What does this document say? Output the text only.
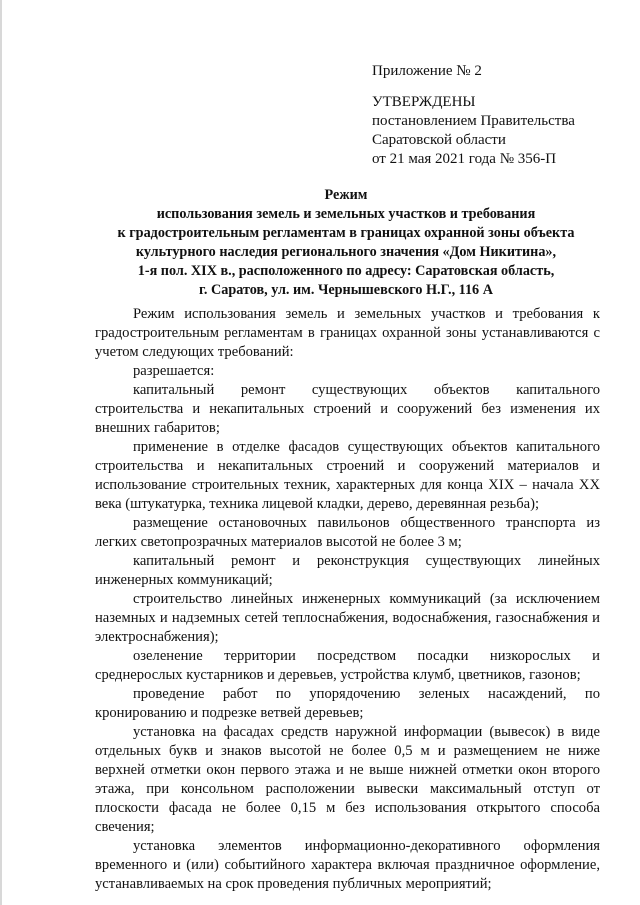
Приложение № 2
УТВЕРЖДЕНЫ
постановлением Правительства
Саратовской области
от 21 мая 2021 года № 356-П
Режим
использования земель и земельных участков и требования
к градостроительным регламентам в границах охранной зоны объекта
культурного наследия регионального значения «Дом Никитина»,
1-я пол. XIX в., расположенного по адресу: Саратовская область,
г. Саратов, ул. им. Чернышевского Н.Г., 116 А

Режим использования земель и земельных участков и требования к градостроительным регламентам в границах охранной зоны устанавливаются с учетом следующих требований:

разрешается:

капитальный ремонт существующих объектов капитального строительства и некапитальных строений и сооружений без изменения их внешних габаритов;

применение в отделке фасадов существующих объектов капитального строительства и некапитальных строений и сооружений материалов и использование строительных техник, характерных для конца XIX – начала XX века (штукатурка, техника лицевой кладки, дерево, деревянная резьба);

размещение остановочных павильонов общественного транспорта из легких светопрозрачных материалов высотой не более 3 м;

капитальный ремонт и реконструкция существующих линейных инженерных коммуникаций;

строительство линейных инженерных коммуникаций (за исключением наземных и надземных сетей теплоснабжения, водоснабжения, газоснабжения и электроснабжения);

озеленение территории посредством посадки низкорослых и среднерослых кустарников и деревьев, устройства клумб, цветников, газонов;

проведение работ по упорядочению зеленых насаждений, по кронированию и подрезке ветвей деревьев;

установка на фасадах средств наружной информации (вывесок) в виде отдельных букв и знаков высотой не более 0,5 м и размещением не ниже верхней отметки окон первого этажа и не выше нижней отметки окон второго этажа, при консольном расположении вывески максимальный отступ от плоскости фасада не более 0,15 м без использования открытого способа свечения;

установка элементов информационно-декоративного оформления временного и (или) событийного характера включая праздничное оформление, устанавливаемых на срок проведения публичных мероприятий;
